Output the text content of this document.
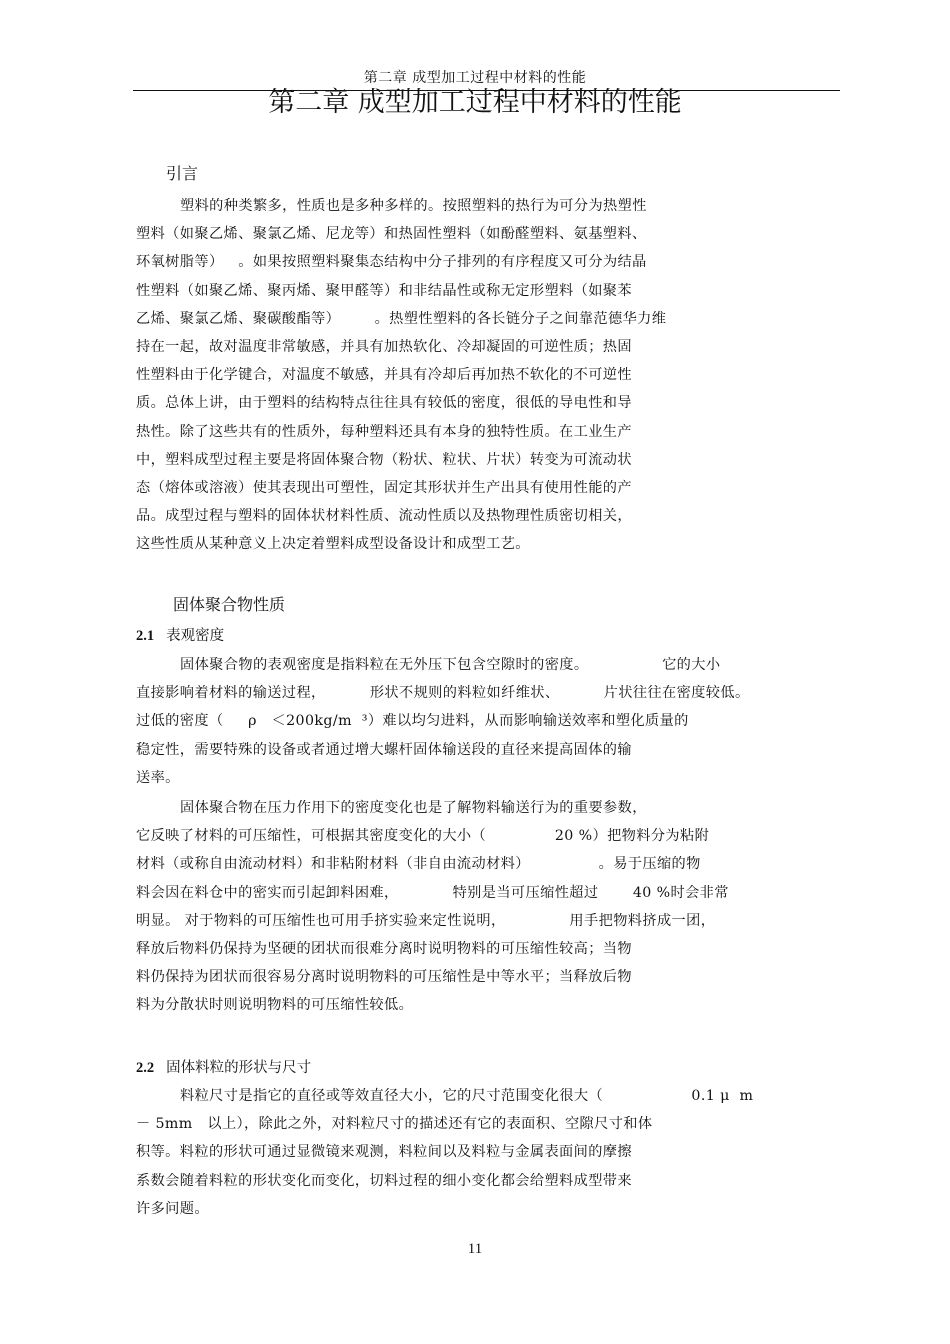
第二章 成型加工过程中材料的性能
第二章 成型加工过程中材料的性能
引言
塑料的种类繁多，性质也是多种多样的。按照塑料的热行为可分为热塑性
塑料（如聚乙烯、聚氯乙烯、尼龙等）和热固性塑料（如酚醛塑料、氨基塑料、
环氧树脂等）   。如果按照塑料聚集态结构中分子排列的有序程度又可分为结晶
性塑料（如聚乙烯、聚丙烯、聚甲醛等）和非结晶性或称无定形塑料（如聚苯
乙烯、聚氯乙烯、聚碳酸酯等）       。热塑性塑料的各长链分子之间靠范德华力维
持在一起，故对温度非常敏感，并具有加热软化、冷却凝固的可逆性质；热固
性塑料由于化学键合，对温度不敏感，并具有冷却后再加热不软化的不可逆性
质。总体上讲，由于塑料的结构特点往往具有较低的密度，很低的导电性和导
热性。除了这些共有的性质外，每种塑料还具有本身的独特性质。在工业生产
中，塑料成型过程主要是将固体聚合物（粉状、粒状、片状）转变为可流动状
态（熔体或溶液）使其表现出可塑性，固定其形状并生产出具有使用性能的产
品。成型过程与塑料的固体状材料性质、流动性质以及热物理性质密切相关，
这些性质从某种意义上决定着塑料成型设备设计和成型工艺。
固体聚合物性质
2.1 表观密度
固体聚合物的表观密度是指料粒在无外压下包含空隙时的密度。               它的大小
直接影响着材料的输送过程，         形状不规则的料粒如纤维状、         片状往往在密度较低。
过低的密度（     ρ   ＜200kg/m  ³）难以均匀进料，从而影响输送效率和塑化质量的
稳定性，需要特殊的设备或者通过增大螺杆固体输送段的直径来提高固体的输
送率。
固体聚合物在压力作用下的密度变化也是了解物料输送行为的重要参数，
它反映了材料的可压缩性，可根据其密度变化的大小（              20 %）把物料分为粘附
材料（或称自由流动材料）和非粘附材料（非自由流动材料）              。易于压缩的物
料会因在料仓中的密实而引起卸料困难，           特别是当可压缩性超过       40 %时会非常
明显。 对于物料的可压缩性也可用手挤实验来定性说明，             用手把物料挤成一团，
释放后物料仍保持为坚硬的团状而很难分离时说明物料的可压缩性较高；当物
料仍保持为团状而很容易分离时说明物料的可压缩性是中等水平；当释放后物
料为分散状时则说明物料的可压缩性较低。
2.2 固体料粒的形状与尺寸
料粒尺寸是指它的直径或等效直径大小，它的尺寸范围变化很大（                  0.1 μ  m
－ 5mm   以上），除此之外，对料粒尺寸的描述还有它的表面积、空隙尺寸和体
积等。料粒的形状可通过显微镜来观测，料粒间以及料粒与金属表面间的摩擦
系数会随着料粒的形状变化而变化，切料过程的细小变化都会给塑料成型带来
许多问题。
11
